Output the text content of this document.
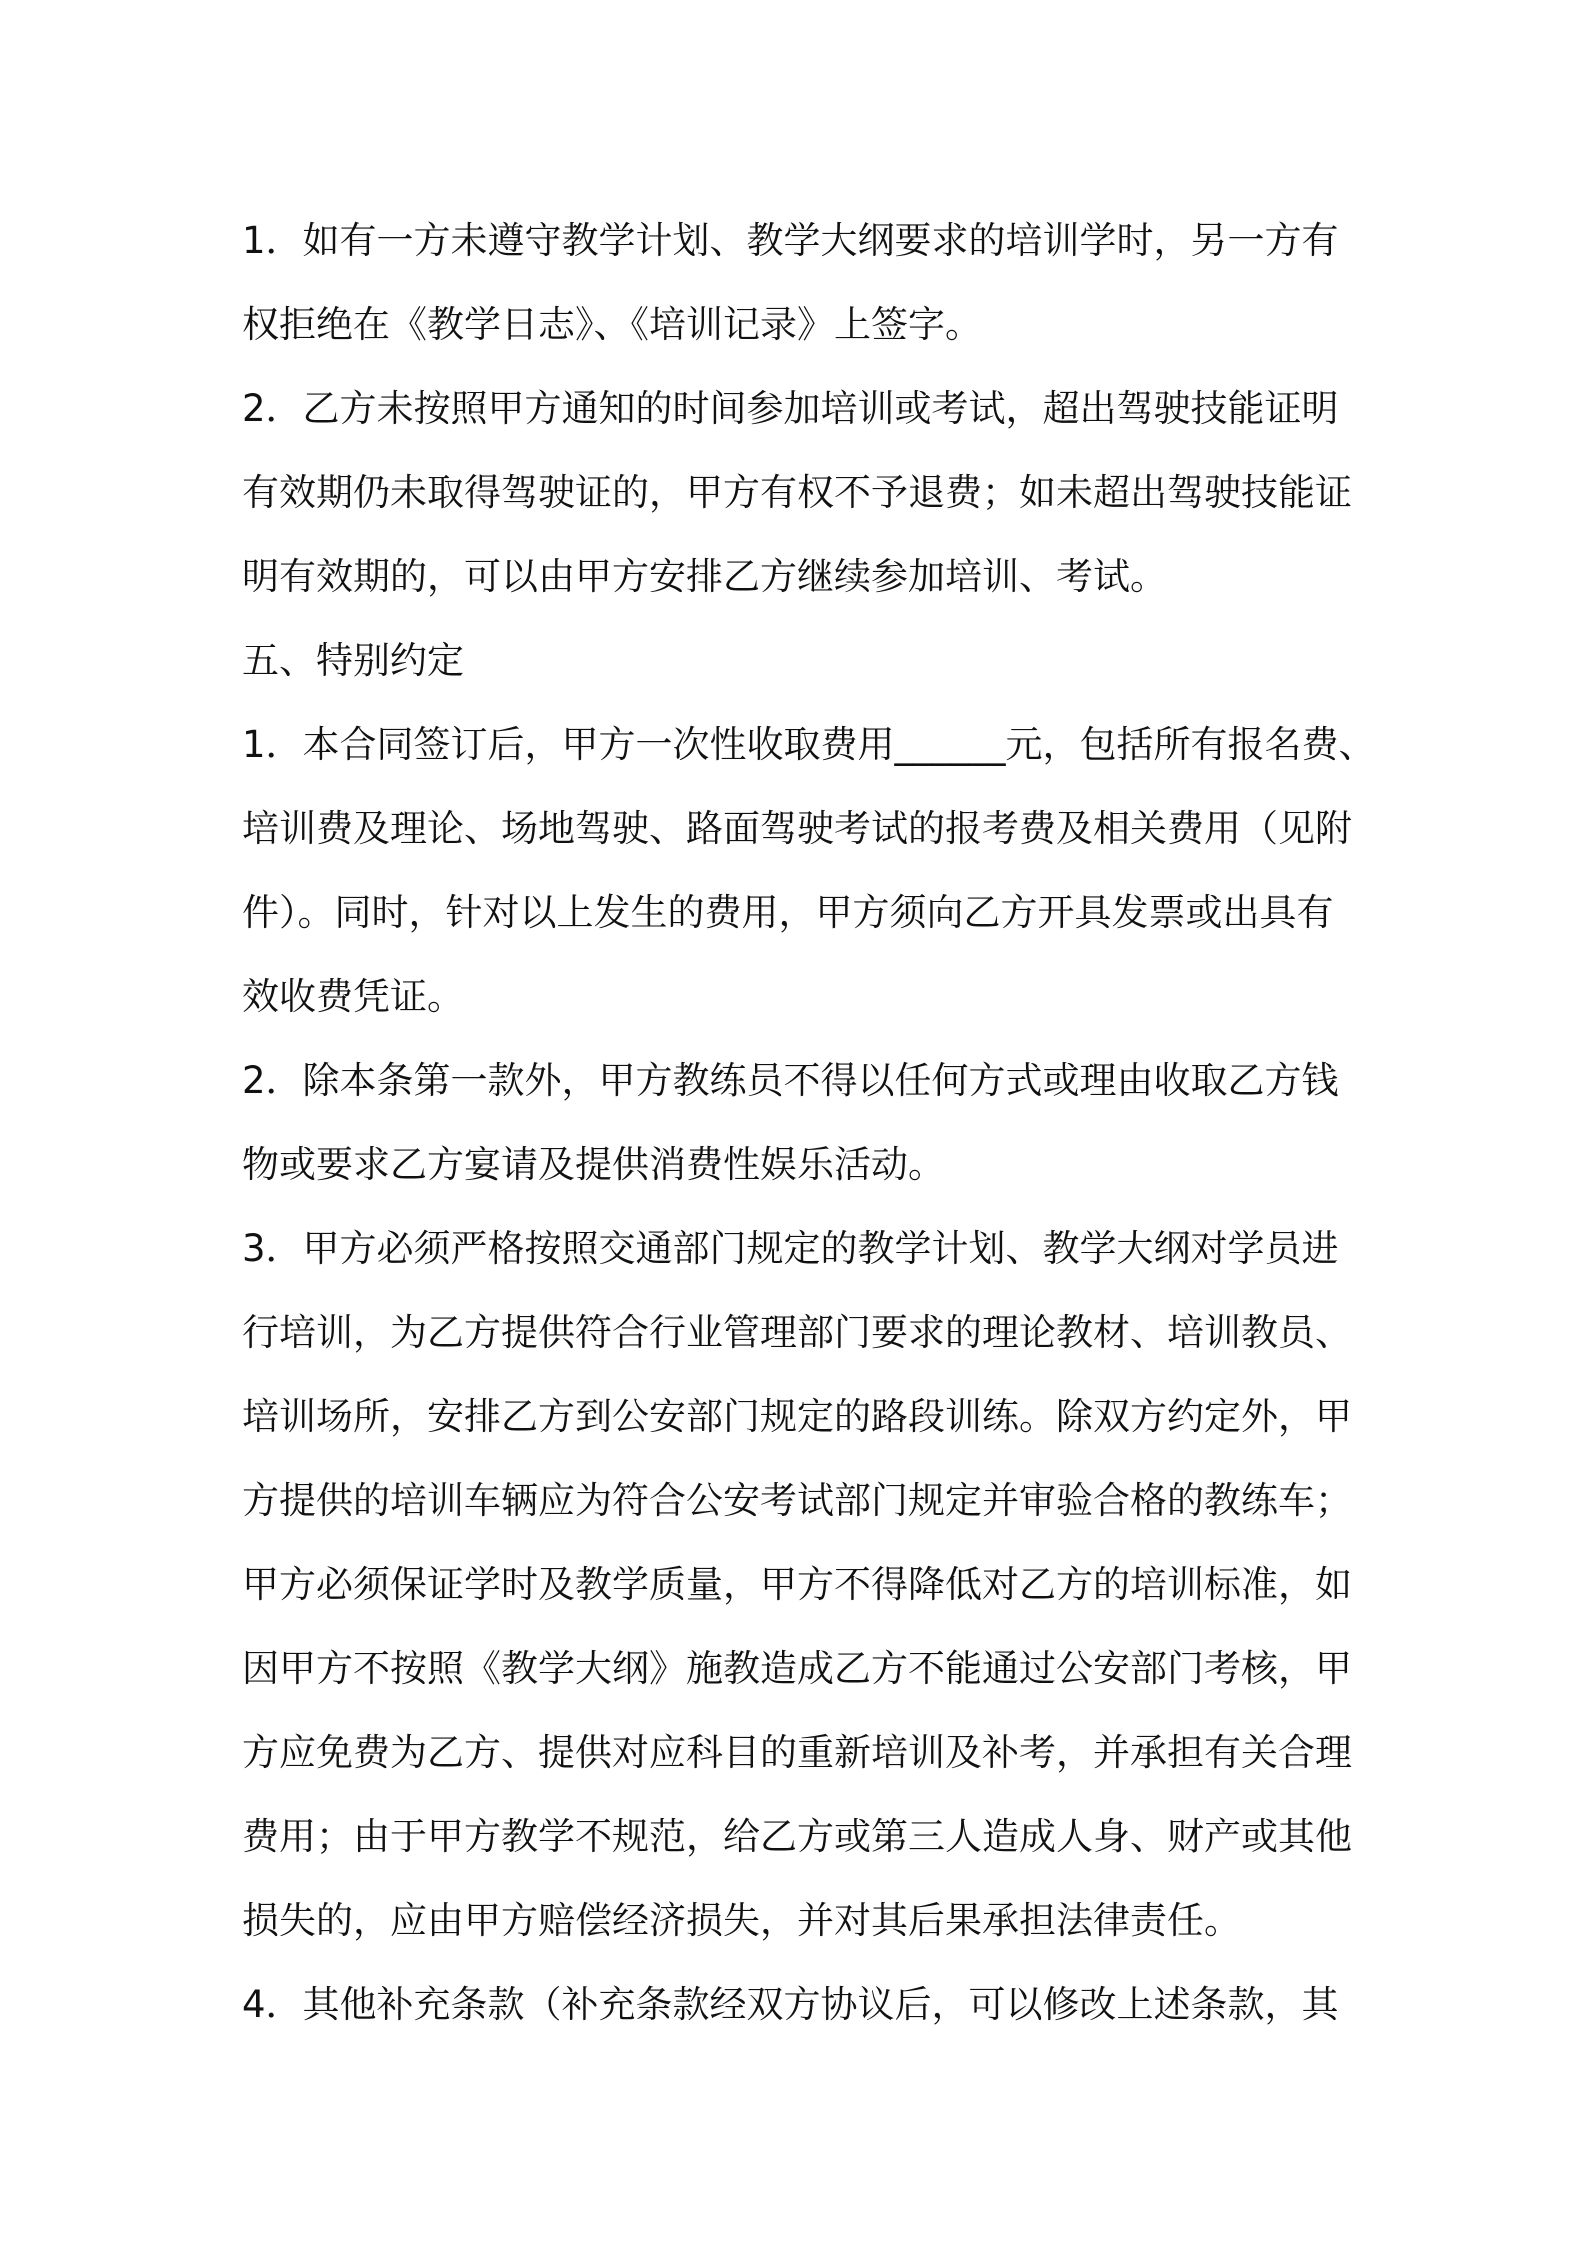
1．如有一方未遵守教学计划、教学大纲要求的培训学时，另一方有
权拒绝在《教学日志》、《培训记录》上签字。
2．乙方未按照甲方通知的时间参加培训或考试，超出驾驶技能证明
有效期仍未取得驾驶证的，甲方有权不予退费；如未超出驾驶技能证
明有效期的，可以由甲方安排乙方继续参加培训、考试。
五、特别约定
1．本合同签订后，甲方一次性收取费用______元，包括所有报名费、
培训费及理论、场地驾驶、路面驾驶考试的报考费及相关费用（见附
件）。同时，针对以上发生的费用，甲方须向乙方开具发票或出具有
效收费凭证。
2．除本条第一款外，甲方教练员不得以任何方式或理由收取乙方钱
物或要求乙方宴请及提供消费性娱乐活动。
3．甲方必须严格按照交通部门规定的教学计划、教学大纲对学员进
行培训，为乙方提供符合行业管理部门要求的理论教材、培训教员、
培训场所，安排乙方到公安部门规定的路段训练。除双方约定外，甲
方提供的培训车辆应为符合公安考试部门规定并审验合格的教练车；
甲方必须保证学时及教学质量，甲方不得降低对乙方的培训标准，如
因甲方不按照《教学大纲》施教造成乙方不能通过公安部门考核，甲
方应免费为乙方、提供对应科目的重新培训及补考，并承担有关合理
费用；由于甲方教学不规范，给乙方或第三人造成人身、财产或其他
损失的，应由甲方赔偿经济损失，并对其后果承担法律责任。
4．其他补充条款（补充条款经双方协议后，可以修改上述条款，其
